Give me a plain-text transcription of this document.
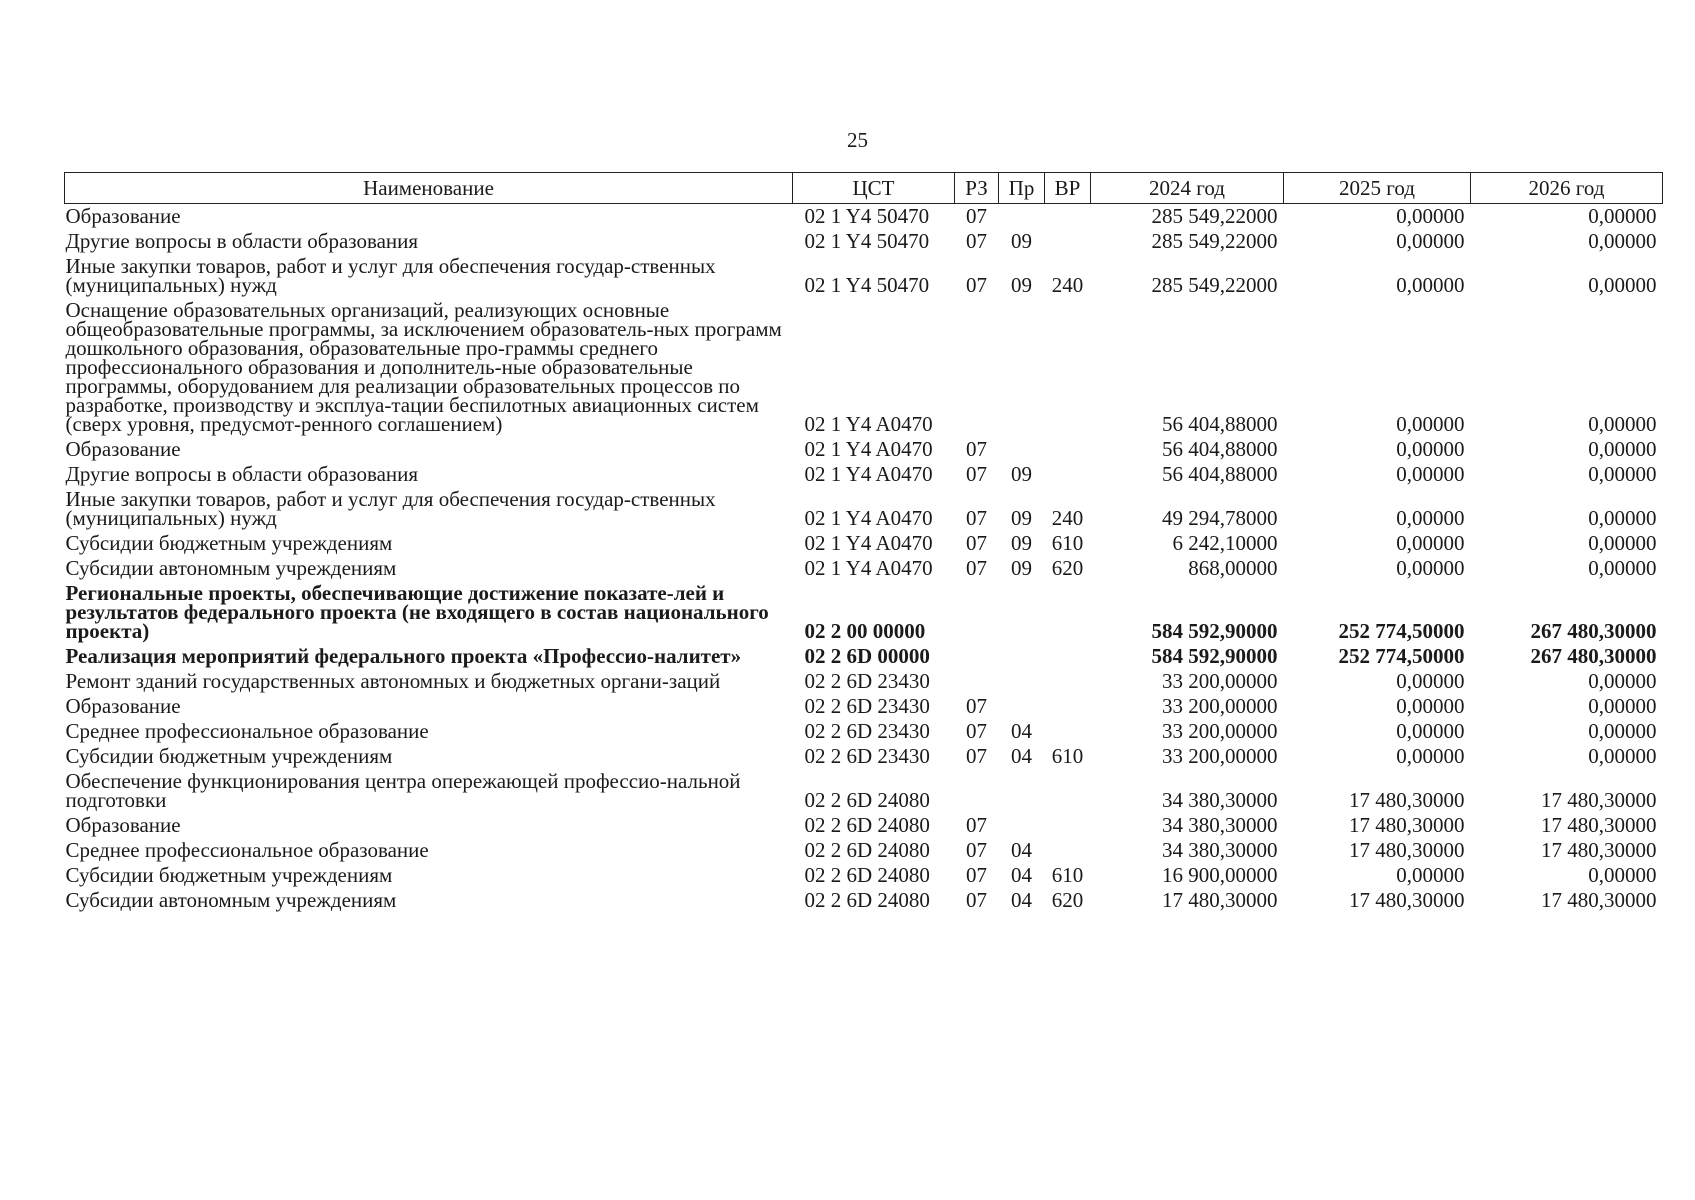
25
Наименование	ЦСТ	РЗ	Пр	ВР	2024 год	2025 год	2026 год
Образование	02 1 Y4 50470	07			285 549,22000	0,00000	0,00000
Другие вопросы в области образования	02 1 Y4 50470	07	09		285 549,22000	0,00000	0,00000
Иные закупки товаров, работ и услуг для обеспечения государ-ственных (муниципальных) нужд	02 1 Y4 50470	07	09	240	285 549,22000	0,00000	0,00000
Оснащение образовательных организаций, реализующих основные общеобразовательные программы, за исключением образователь-ных программ дошкольного образования, образовательные про-граммы среднего профессионального образования и дополнитель-ные образовательные программы, оборудованием для реализации образовательных процессов по разработке, производству и эксплуа-тации беспилотных авиационных систем (сверх уровня, предусмот-ренного соглашением)	02 1 Y4 A0470				56 404,88000	0,00000	0,00000
Образование	02 1 Y4 A0470	07			56 404,88000	0,00000	0,00000
Другие вопросы в области образования	02 1 Y4 A0470	07	09		56 404,88000	0,00000	0,00000
Иные закупки товаров, работ и услуг для обеспечения государ-ственных (муниципальных) нужд	02 1 Y4 A0470	07	09	240	49 294,78000	0,00000	0,00000
Субсидии бюджетным учреждениям	02 1 Y4 A0470	07	09	610	6 242,10000	0,00000	0,00000
Субсидии автономным учреждениям	02 1 Y4 A0470	07	09	620	868,00000	0,00000	0,00000
Региональные проекты, обеспечивающие достижение показате-лей и результатов федерального проекта (не входящего в состав национального проекта)	02 2 00 00000				584 592,90000	252 774,50000	267 480,30000
Реализация мероприятий федерального проекта «Профессио-налитет»	02 2 6D 00000				584 592,90000	252 774,50000	267 480,30000
Ремонт зданий государственных автономных и бюджетных органи-заций	02 2 6D 23430				33 200,00000	0,00000	0,00000
Образование	02 2 6D 23430	07			33 200,00000	0,00000	0,00000
Среднее профессиональное образование	02 2 6D 23430	07	04		33 200,00000	0,00000	0,00000
Субсидии бюджетным учреждениям	02 2 6D 23430	07	04	610	33 200,00000	0,00000	0,00000
Обеспечение функционирования центра опережающей профессио-нальной подготовки	02 2 6D 24080				34 380,30000	17 480,30000	17 480,30000
Образование	02 2 6D 24080	07			34 380,30000	17 480,30000	17 480,30000
Среднее профессиональное образование	02 2 6D 24080	07	04		34 380,30000	17 480,30000	17 480,30000
Субсидии бюджетным учреждениям	02 2 6D 24080	07	04	610	16 900,00000	0,00000	0,00000
Субсидии автономным учреждениям	02 2 6D 24080	07	04	620	17 480,30000	17 480,30000	17 480,30000
